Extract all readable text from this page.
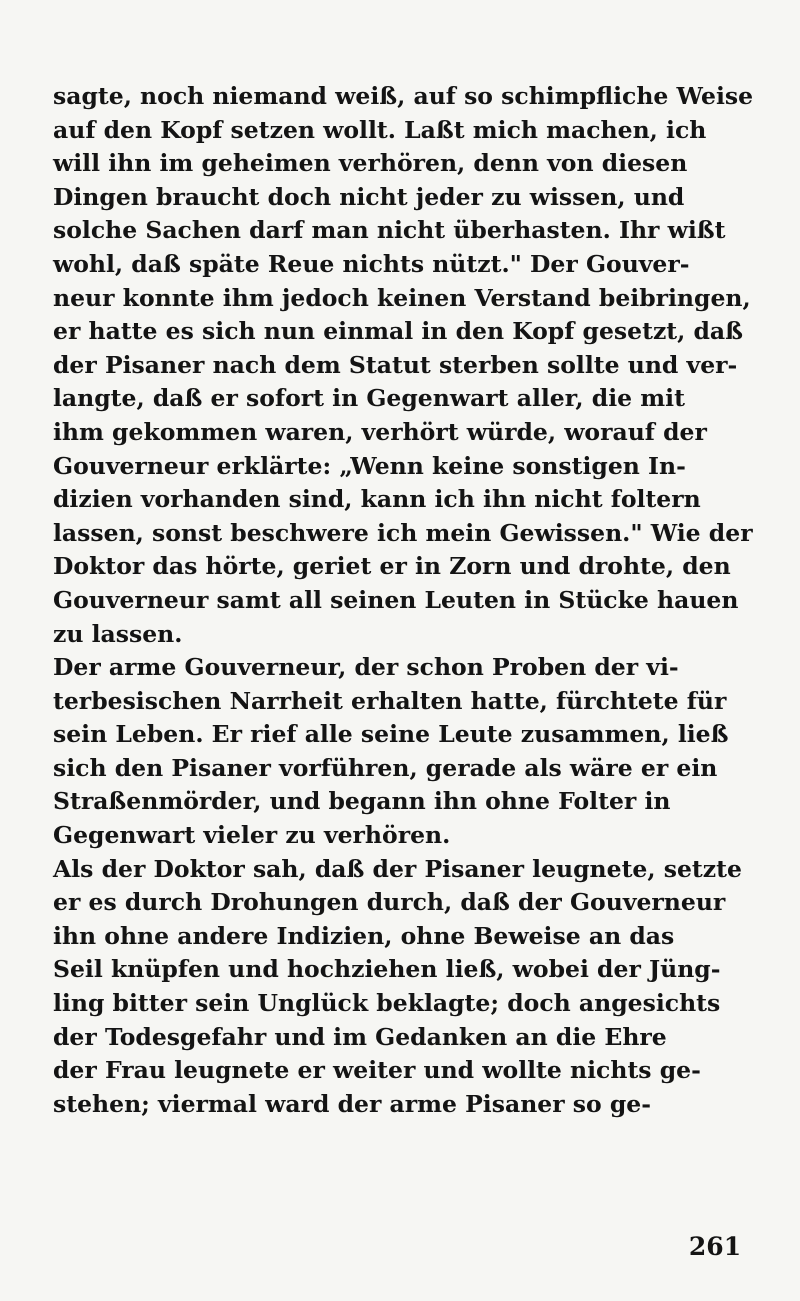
sagte, noch niemand weiß, auf so schimpfliche Weise
auf den Kopf setzen wollt. Laßt mich machen, ich
will ihn im geheimen verhören, denn von diesen
Dingen braucht doch nicht jeder zu wissen, und
solche Sachen darf man nicht überhasten. Ihr wißt
wohl, daß späte Reue nichts nützt." Der Gouver-
neur konnte ihm jedoch keinen Verstand beibringen,
er hatte es sich nun einmal in den Kopf gesetzt, daß
der Pisaner nach dem Statut sterben sollte und ver-
langte, daß er sofort in Gegenwart aller, die mit
ihm gekommen waren, verhört würde, worauf der
Gouverneur erklärte: „Wenn keine sonstigen In-
dizien vorhanden sind, kann ich ihn nicht foltern
lassen, sonst beschwere ich mein Gewissen." Wie der
Doktor das hörte, geriet er in Zorn und drohte, den
Gouverneur samt all seinen Leuten in Stücke hauen
zu lassen.
Der arme Gouverneur, der schon Proben der vi-
terbesischen Narrheit erhalten hatte, fürchtete für
sein Leben. Er rief alle seine Leute zusammen, ließ
sich den Pisaner vorführen, gerade als wäre er ein
Straßenmörder, und begann ihn ohne Folter in
Gegenwart vieler zu verhören.
Als der Doktor sah, daß der Pisaner leugnete, setzte
er es durch Drohungen durch, daß der Gouverneur
ihn ohne andere Indizien, ohne Beweise an das
Seil knüpfen und hochziehen ließ, wobei der Jüng-
ling bitter sein Unglück beklagte; doch angesichts
der Todesgefahr und im Gedanken an die Ehre
der Frau leugnete er weiter und wollte nichts ge-
stehen; viermal ward der arme Pisaner so ge-
261
